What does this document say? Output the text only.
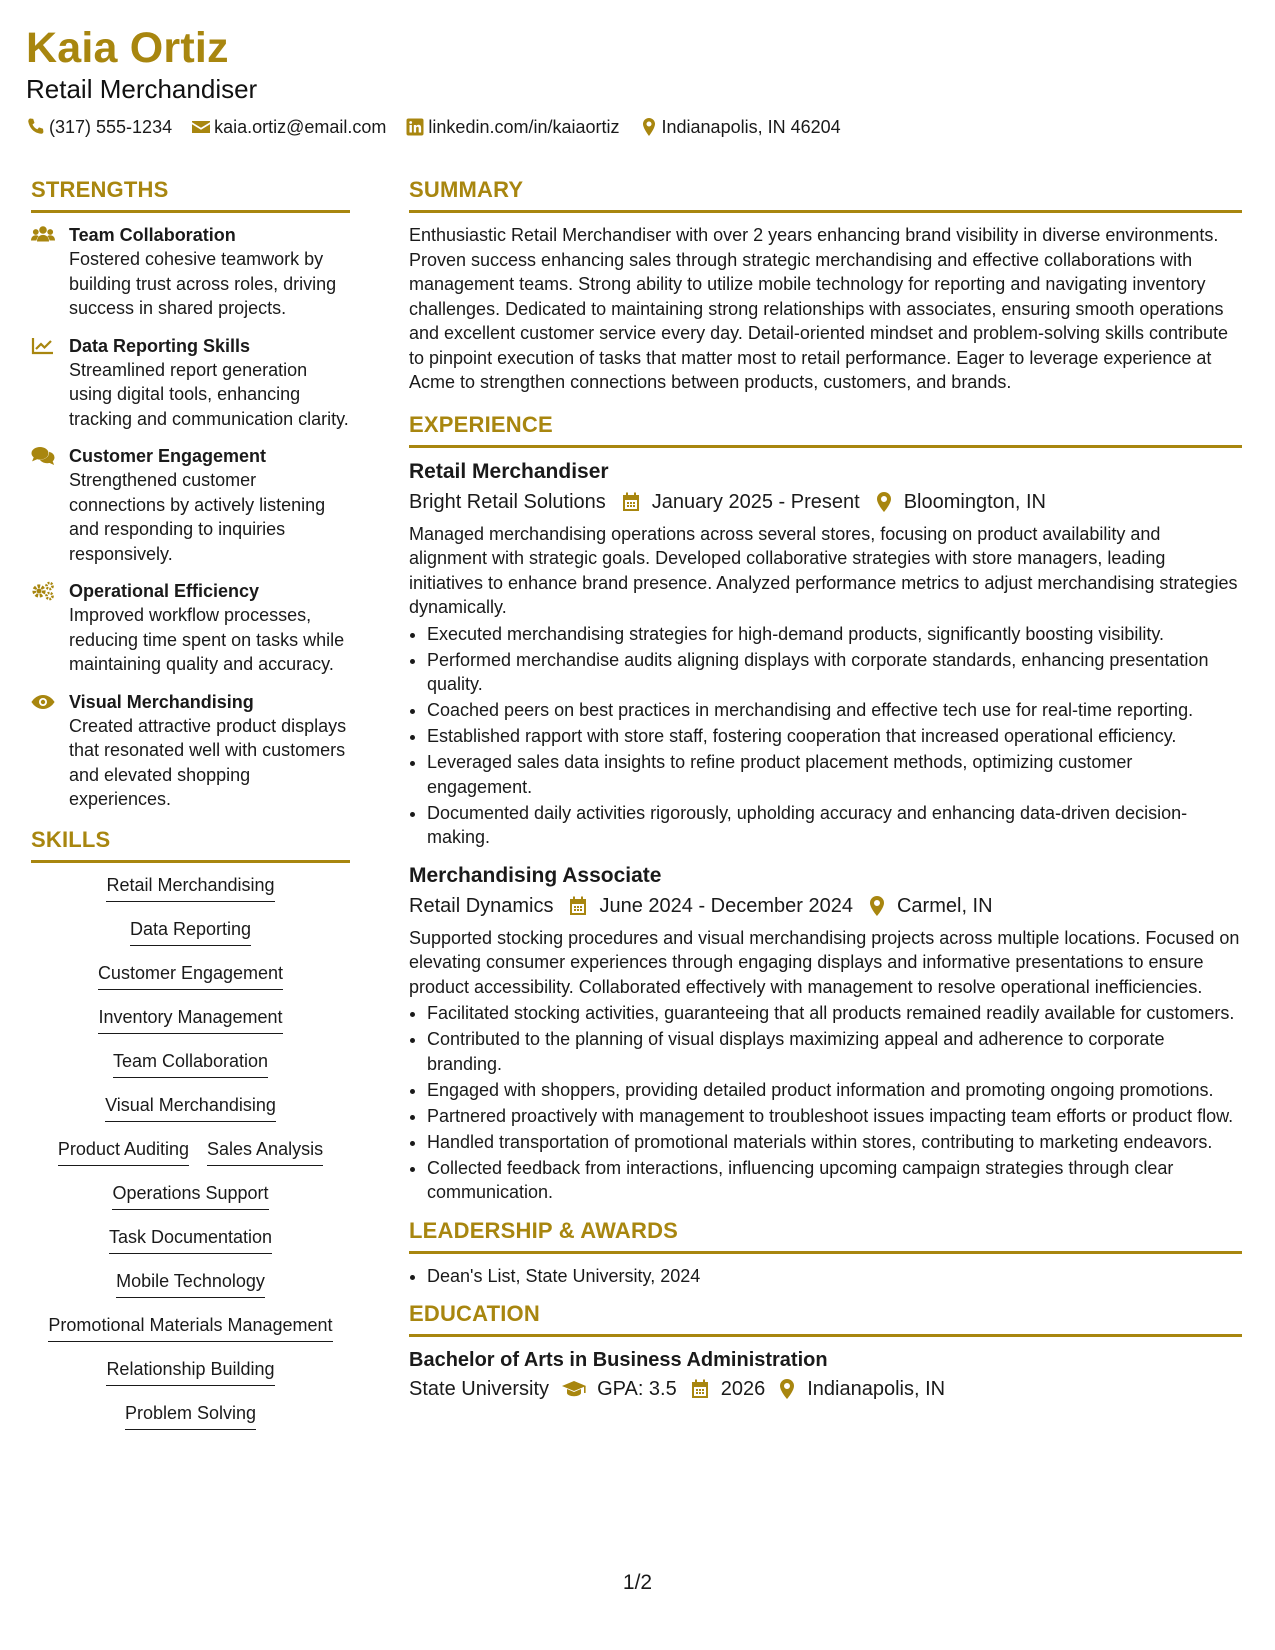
Kaia Ortiz
Retail Merchandiser
(317) 555-1234 kaia.ortiz@email.com linkedin.com/in/kaiaortiz Indianapolis, IN 46204
STRENGTHS
Team Collaboration
Fostered cohesive teamwork by building trust across roles, driving success in shared projects.
Data Reporting Skills
Streamlined report generation using digital tools, enhancing tracking and communication clarity.
Customer Engagement
Strengthened customer connections by actively listening and responding to inquiries responsively.
Operational Efficiency
Improved workflow processes, reducing time spent on tasks while maintaining quality and accuracy.
Visual Merchandising
Created attractive product displays that resonated well with customers and elevated shopping experiences.
SKILLS
Retail Merchandising
Data Reporting
Customer Engagement
Inventory Management
Team Collaboration
Visual Merchandising
Product Auditing Sales Analysis
Operations Support
Task Documentation
Mobile Technology
Promotional Materials Management
Relationship Building
Problem Solving
SUMMARY
Enthusiastic Retail Merchandiser with over 2 years enhancing brand visibility in diverse environments. Proven success enhancing sales through strategic merchandising and effective collaborations with management teams. Strong ability to utilize mobile technology for reporting and navigating inventory challenges. Dedicated to maintaining strong relationships with associates, ensuring smooth operations and excellent customer service every day. Detail-oriented mindset and problem-solving skills contribute to pinpoint execution of tasks that matter most to retail performance. Eager to leverage experience at Acme to strengthen connections between products, customers, and brands.
EXPERIENCE
Retail Merchandiser
Bright Retail Solutions January 2025 - Present Bloomington, IN
Managed merchandising operations across several stores, focusing on product availability and alignment with strategic goals. Developed collaborative strategies with store managers, leading initiatives to enhance brand presence. Analyzed performance metrics to adjust merchandising strategies dynamically.
• Executed merchandising strategies for high-demand products, significantly boosting visibility.
• Performed merchandise audits aligning displays with corporate standards, enhancing presentation quality.
• Coached peers on best practices in merchandising and effective tech use for real-time reporting.
• Established rapport with store staff, fostering cooperation that increased operational efficiency.
• Leveraged sales data insights to refine product placement methods, optimizing customer engagement.
• Documented daily activities rigorously, upholding accuracy and enhancing data-driven decision-making.
Merchandising Associate
Retail Dynamics June 2024 - December 2024 Carmel, IN
Supported stocking procedures and visual merchandising projects across multiple locations. Focused on elevating consumer experiences through engaging displays and informative presentations to ensure product accessibility. Collaborated effectively with management to resolve operational inefficiencies.
• Facilitated stocking activities, guaranteeing that all products remained readily available for customers.
• Contributed to the planning of visual displays maximizing appeal and adherence to corporate branding.
• Engaged with shoppers, providing detailed product information and promoting ongoing promotions.
• Partnered proactively with management to troubleshoot issues impacting team efforts or product flow.
• Handled transportation of promotional materials within stores, contributing to marketing endeavors.
• Collected feedback from interactions, influencing upcoming campaign strategies through clear communication.
LEADERSHIP & AWARDS
• Dean's List, State University, 2024
EDUCATION
Bachelor of Arts in Business Administration
State University GPA: 3.5 2026 Indianapolis, IN
1/2
